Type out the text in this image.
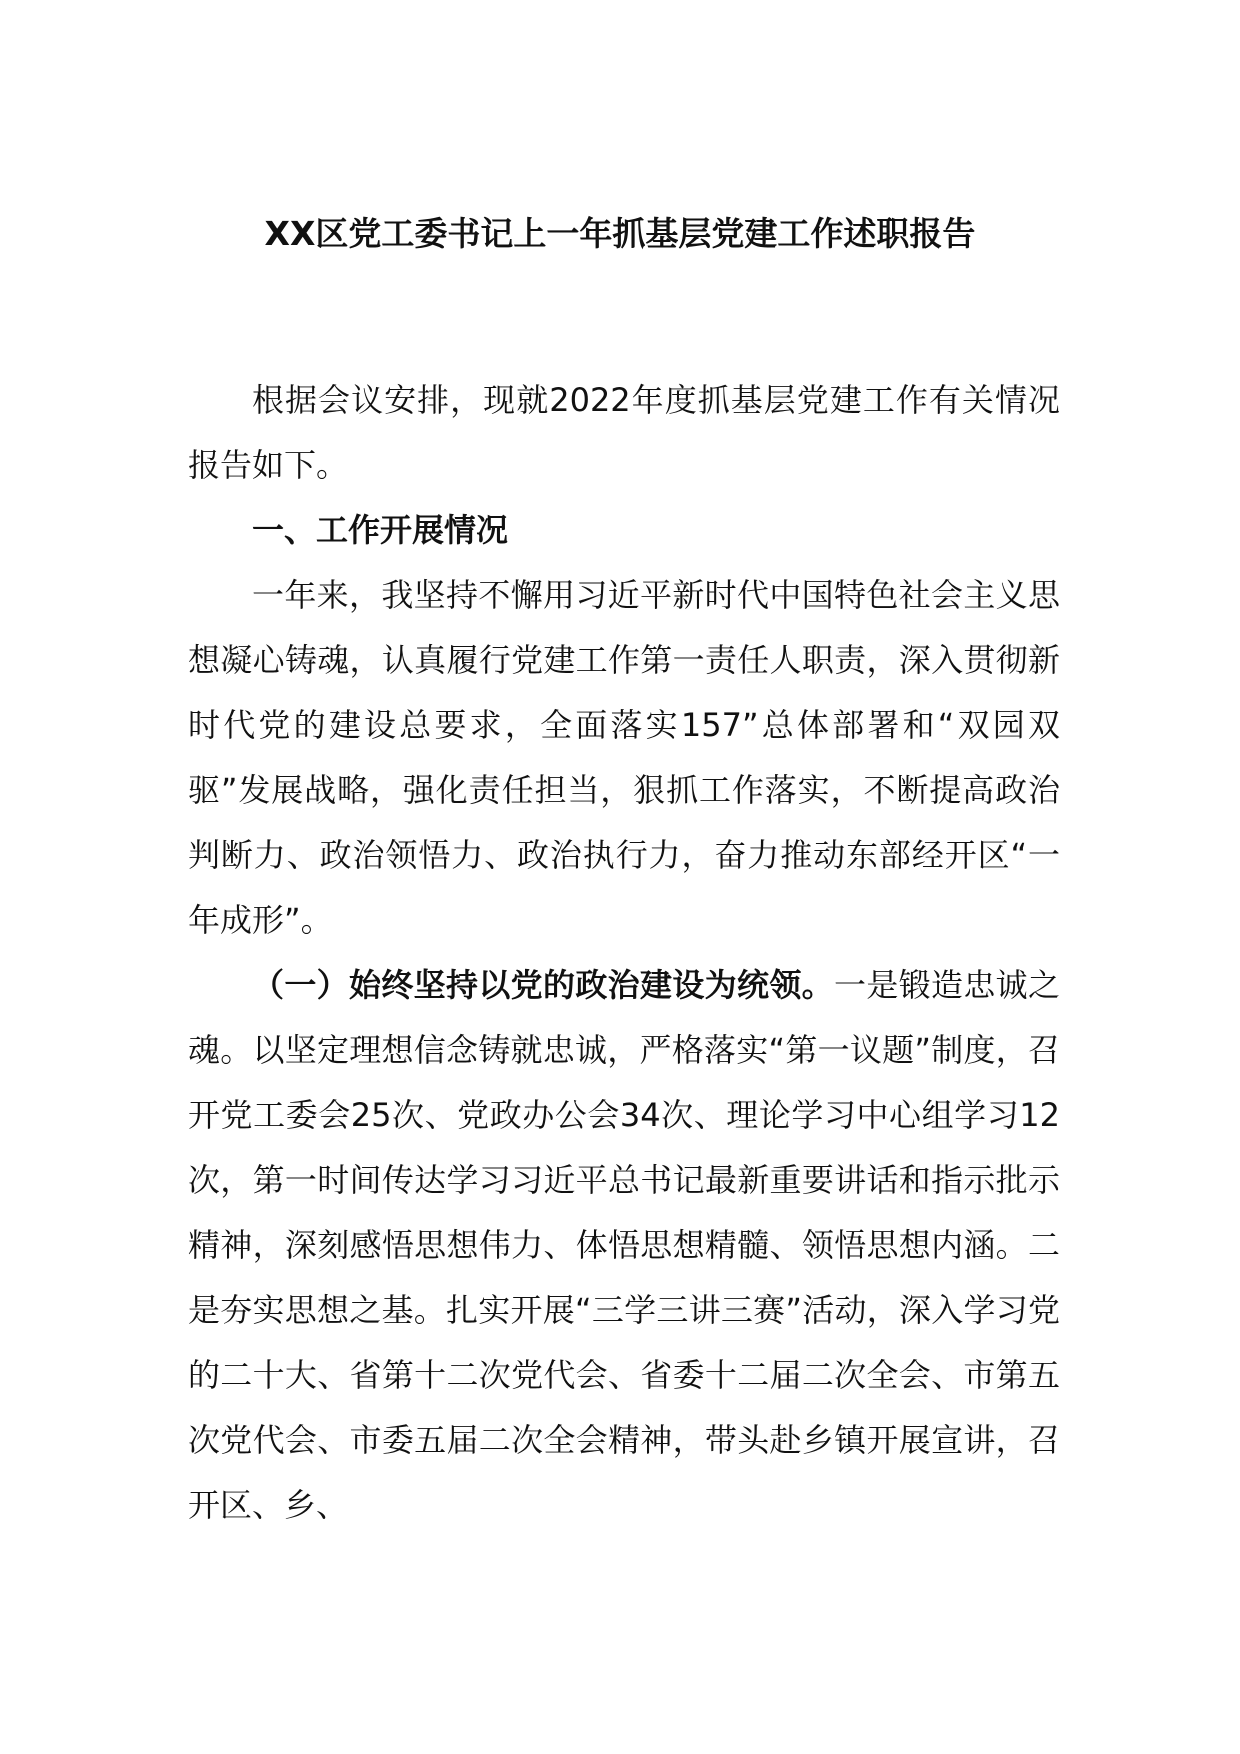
XX区党工委书记上一年抓基层党建工作述职报告

根据会议安排，现就2022年度抓基层党建工作有关情况报告如下。

一、工作开展情况

一年来，我坚持不懈用习近平新时代中国特色社会主义思想凝心铸魂，认真履行党建工作第一责任人职责，深入贯彻新时代党的建设总要求，全面落实157”总体部署和“双园双驱”发展战略，强化责任担当，狠抓工作落实，不断提高政治判断力、政治领悟力、政治执行力，奋力推动东部经开区“一年成形”。

（一）始终坚持以党的政治建设为统领。一是锻造忠诚之魂。以坚定理想信念铸就忠诚，严格落实“第一议题”制度，召开党工委会25次、党政办公会34次、理论学习中心组学习12次，第一时间传达学习习近平总书记最新重要讲话和指示批示精神，深刻感悟思想伟力、体悟思想精髓、领悟思想内涵。二是夯实思想之基。扎实开展“三学三讲三赛”活动，深入学习党的二十大、省第十二次党代会、省委十二届二次全会、市第五次党代会、市委五届二次全会精神，带头赴乡镇开展宣讲，召开区、乡、
